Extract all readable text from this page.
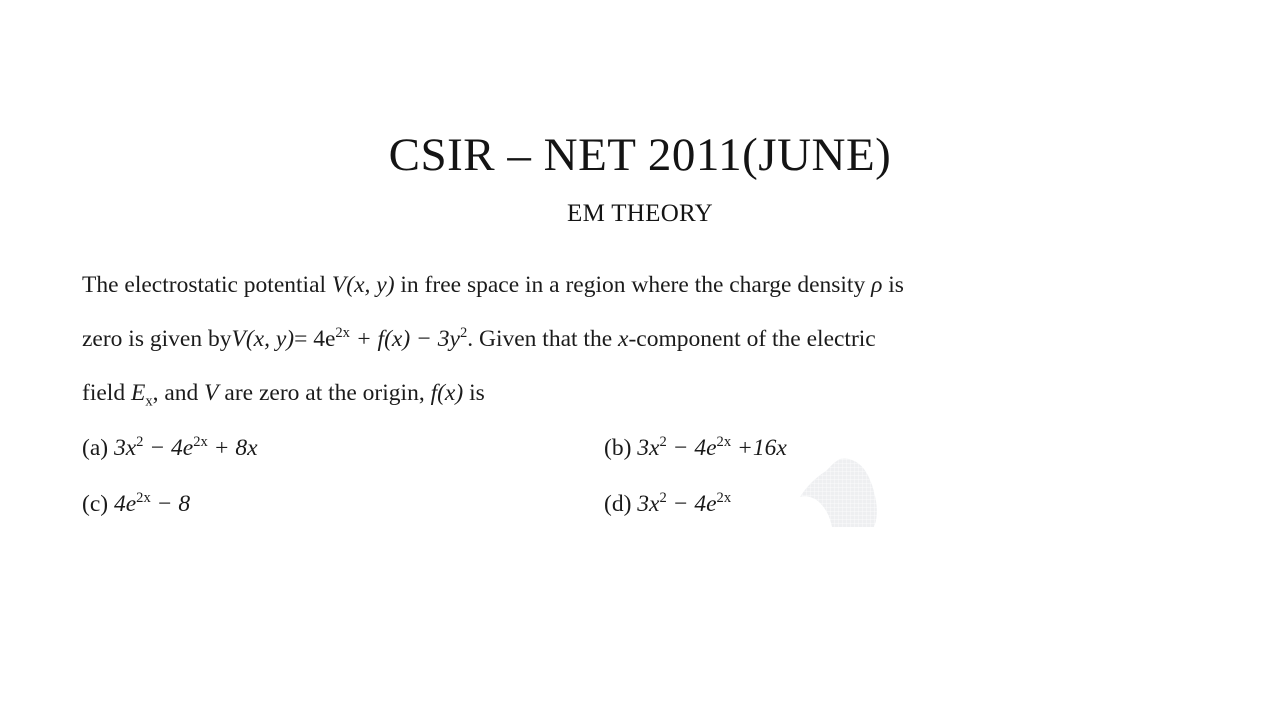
CSIR – NET 2011(JUNE)
EM THEORY
The electrostatic potential V(x, y) in free space in a region where the charge density ρ is
zero is given byV(x, $y)= 4e^{2x} + f(x) - 3y^2$. Given that the x-component of the electric
field $E_x$, and V are zero at the origin, f(x) is
(a) $3x^2 - 4e^{2x} + 8x$	(b) $3x^2 - 4e^{2x} +16x$
(c) $4e^{2x} - 8$	(d) $3x^2 - 4e^{2x}$
